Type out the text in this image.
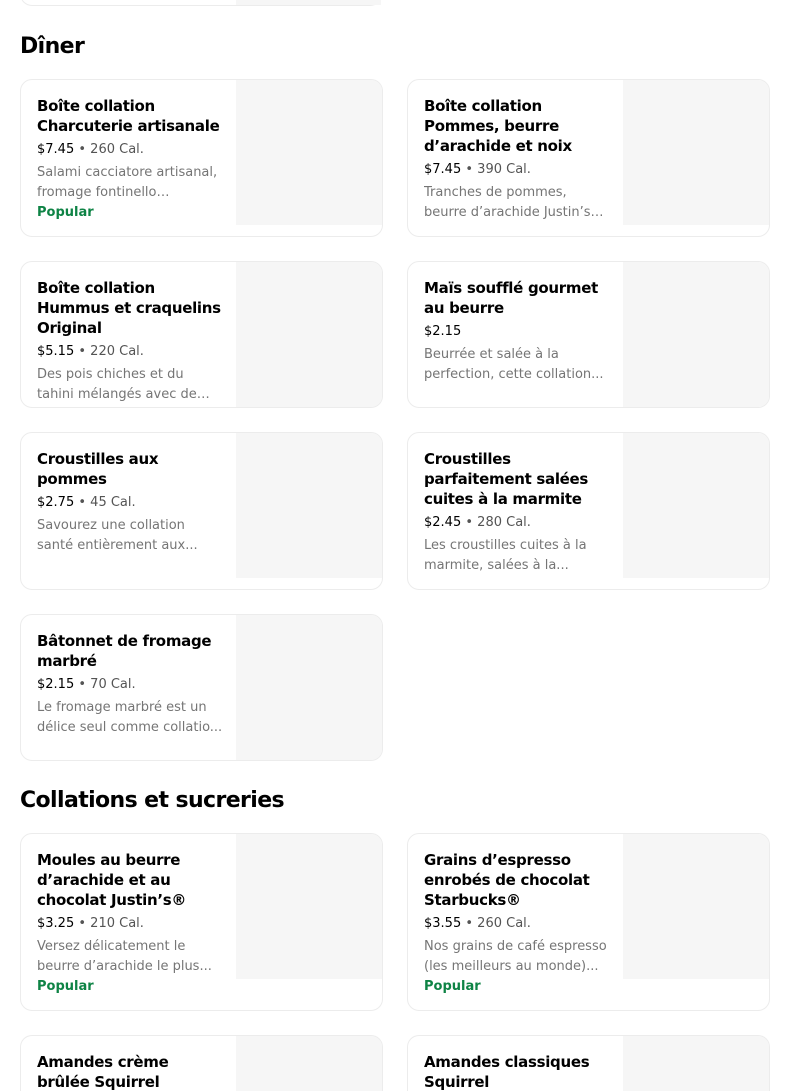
Dîner

Boîte collation Charcuterie artisanale

$7.45 • 260 Cal.
Salami cacciatore artisanal, fromage fontinello
Popular

Boîte collation Pommes, beurre d’arachide et noix

$7.45 • 390 Cal.
Tranches de pommes, beurre d’arachide Justin’s

Boîte collation Hummus et craquelins Original

$5.15 • 220 Cal.
Des pois chiches et du tahini mélangés avec de

Maïs soufflé gourmet au beurre

$2.15
Beurrée et salée à la perfection, cette collation...

Croustilles aux pommes

$2.75 • 45 Cal.
Savourez une collation santé entièrement aux...

Croustilles parfaitement salées cuites à la marmite

$2.45 • 280 Cal.
Les croustilles cuites à la marmite, salées à la...

Bâtonnet de fromage marbré

$2.15 • 70 Cal.
Le fromage marbré est un délice seul comme collatio...
Collations et sucreries

Moules au beurre d’arachide et au chocolat Justin’s®

$3.25 • 210 Cal.
Versez délicatement le beurre d’arachide le plus...
Popular

Grains d’espresso enrobés de chocolat Starbucks®

$3.55 • 260 Cal.
Nos grains de café espresso (les meilleurs au monde)...
Popular

Amandes crème brûlée Squirrel

Amandes classiques Squirrel
